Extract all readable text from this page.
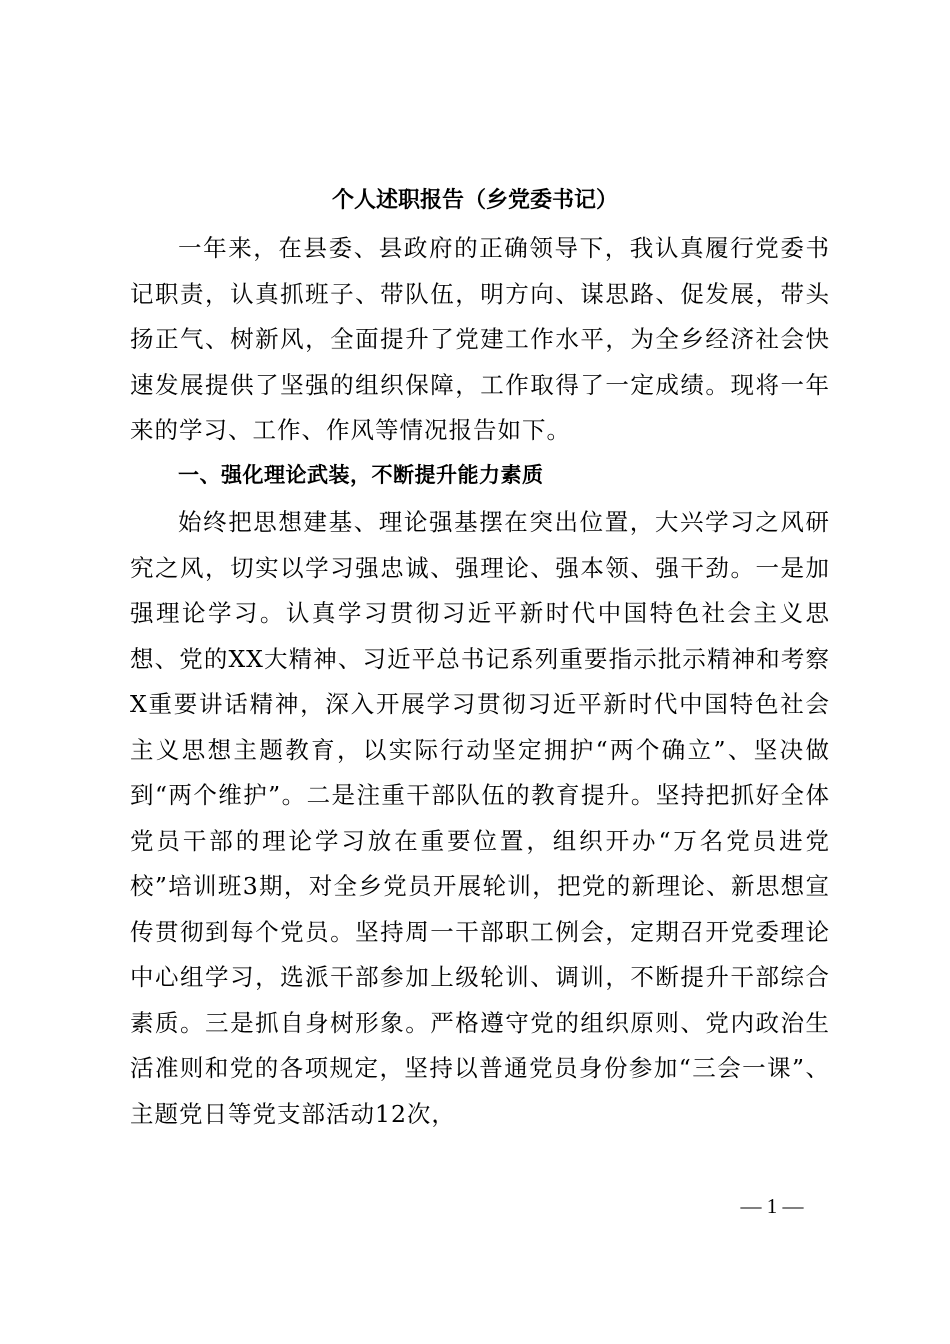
个人述职报告（乡党委书记）

一年来，在县委、县政府的正确领导下，我认真履行党委书记职责，认真抓班子、带队伍，明方向、谋思路、促发展，带头扬正气、树新风，全面提升了党建工作水平，为全乡经济社会快速发展提供了坚强的组织保障，工作取得了一定成绩。现将一年来的学习、工作、作风等情况报告如下。

一、强化理论武装，不断提升能力素质

始终把思想建基、理论强基摆在突出位置，大兴学习之风研究之风，切实以学习强忠诚、强理论、强本领、强干劲。一是加强理论学习。认真学习贯彻习近平新时代中国特色社会主义思想、党的XX大精神、习近平总书记系列重要指示批示精神和考察X重要讲话精神，深入开展学习贯彻习近平新时代中国特色社会主义思想主题教育，以实际行动坚定拥护“两个确立”、坚决做到“两个维护”。二是注重干部队伍的教育提升。坚持把抓好全体党员干部的理论学习放在重要位置，组织开办“万名党员进党校”培训班3期，对全乡党员开展轮训，把党的新理论、新思想宣传贯彻到每个党员。坚持周一干部职工例会，定期召开党委理论中心组学习，选派干部参加上级轮训、调训，不断提升干部综合素质。三是抓自身树形象。严格遵守党的组织原则、党内政治生活准则和党的各项规定，坚持以普通党员身份参加“三会一课”、主题党日等党支部活动12次，

— 1 —
